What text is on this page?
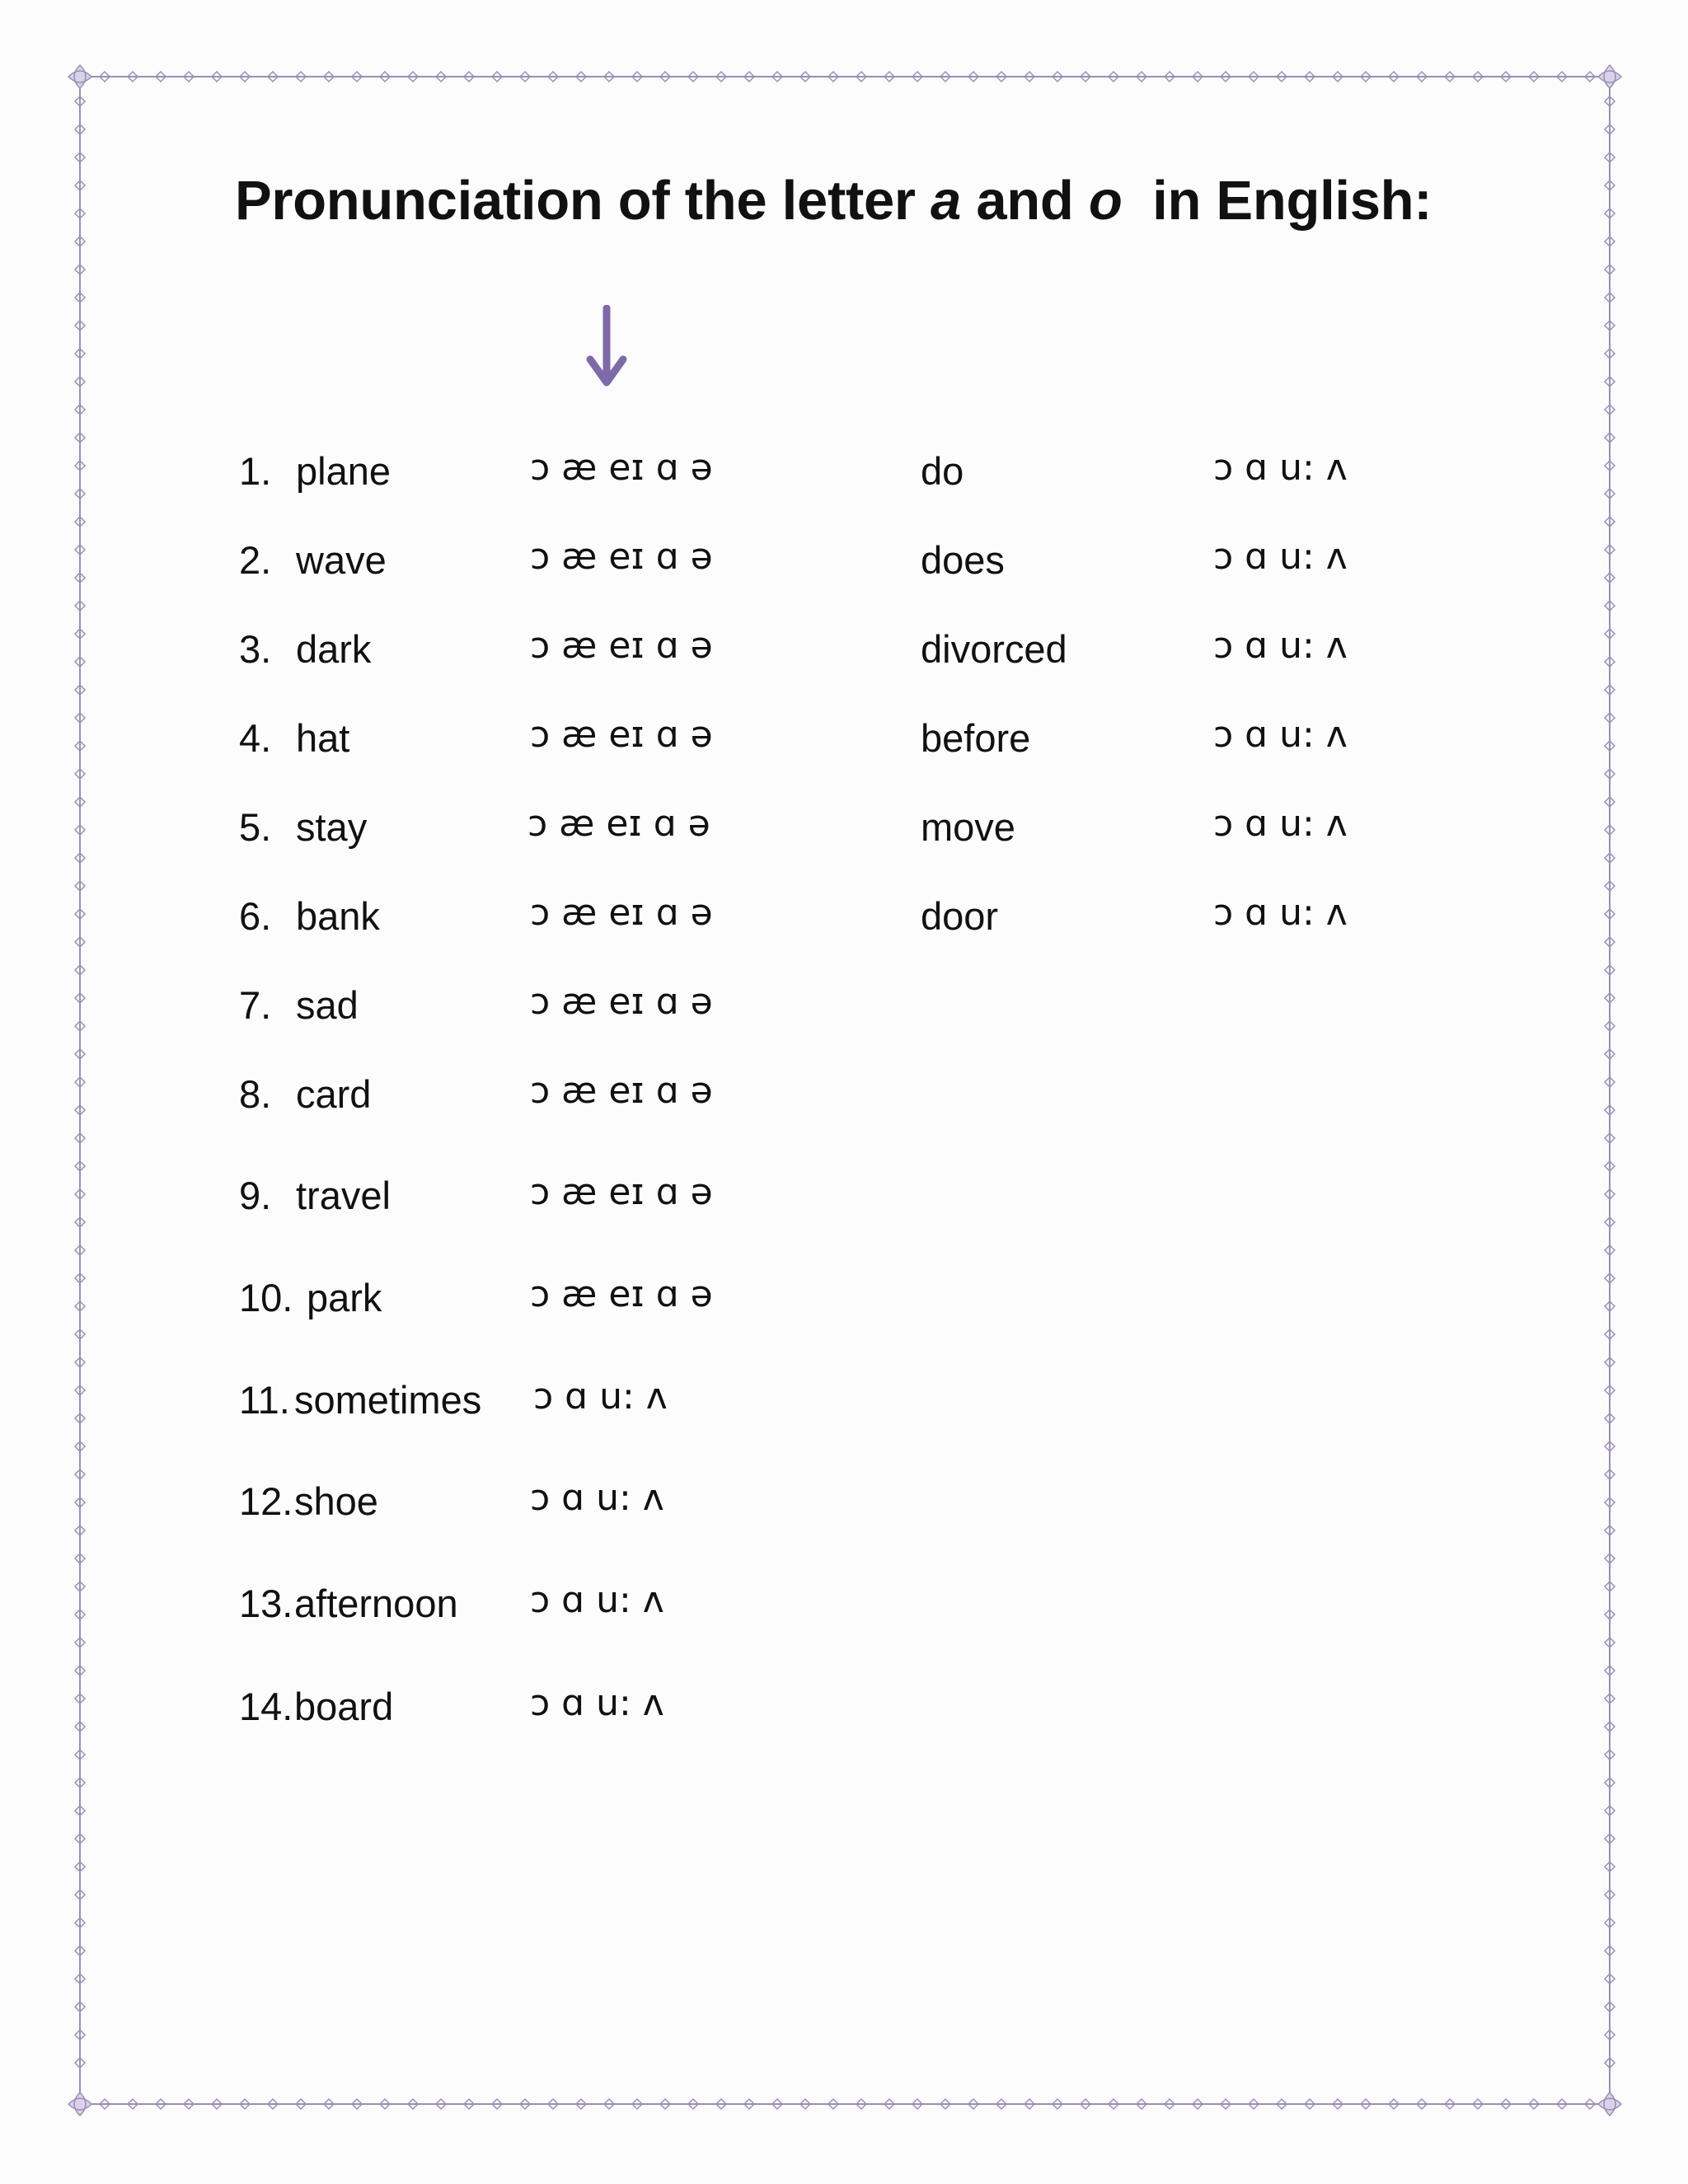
Pronunciation of the letter a and o in English:
1. plane	ɔ æ eɪ ɑ ə
2. wave	ɔ æ eɪ ɑ ə
3. dark	ɔ æ eɪ ɑ ə
4. hat	ɔ æ eɪ ɑ ə
5. stay	ɔ æ eɪ ɑ ə
6. bank	ɔ æ eɪ ɑ ə
7. sad	ɔ æ eɪ ɑ ə
8. card	ɔ æ eɪ ɑ ə
9. travel	ɔ æ eɪ ɑ ə
10. park	ɔ æ eɪ ɑ ə
11. sometimes ɔ ɑ u: ʌ
12. shoe	ɔ ɑ u: ʌ
13. afternoon ɔ ɑ u: ʌ
14. board	ɔ ɑ u: ʌ
do	ɔ ɑ u: ʌ
does	ɔ ɑ u: ʌ
divorced	ɔ ɑ u: ʌ
before	ɔ ɑ u: ʌ
move	ɔ ɑ u: ʌ
door	ɔ ɑ u: ʌ
